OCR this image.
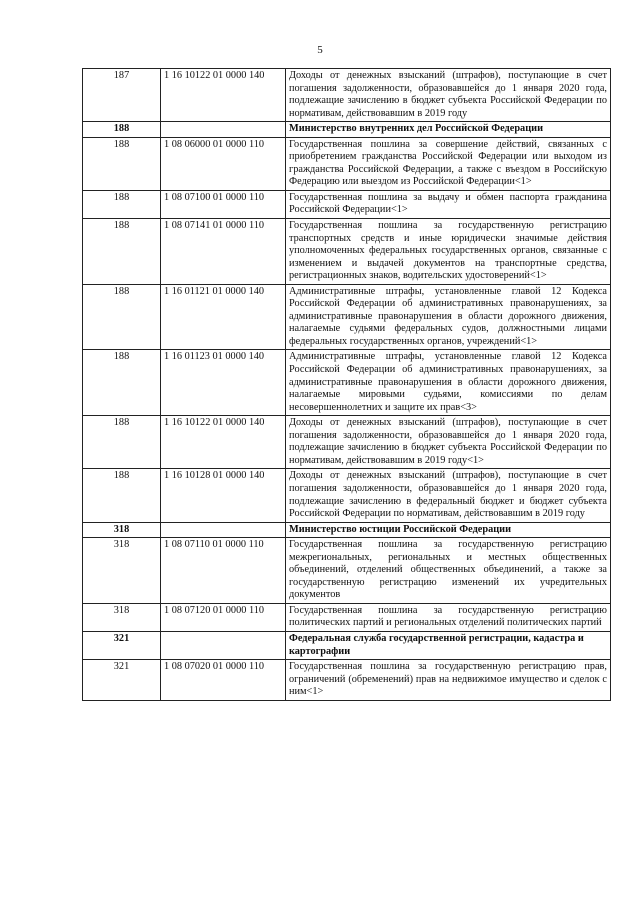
5
187	1 16 10122 01 0000 140	Доходы от денежных взысканий (штрафов), поступающие в счет погашения задолженности, образовавшейся до 1 января 2020 года, подлежащие зачислению в бюджет субъекта Российской Федерации по нормативам, действовавшим в 2019 году
188		Министерство внутренних дел Российской Федерации
188	1 08 06000 01 0000 110	Государственная пошлина за совершение действий, связанных с приобретением гражданства Российской Федерации или выходом из гражданства Российской Федерации, а также с въездом в Российскую Федерацию или выездом из Российской Федерации<1>
188	1 08 07100 01 0000 110	Государственная пошлина за выдачу и обмен паспорта гражданина Российской Федерации<1>
188	1 08 07141 01 0000 110	Государственная пошлина за государственную регистрацию транспортных средств и иные юридически значимые действия уполномоченных федеральных государственных органов, связанные с изменением и выдачей документов на транспортные средства, регистрационных знаков, водительских удостоверений<1>
188	1 16 01121 01 0000 140	Административные штрафы, установленные главой 12 Кодекса Российской Федерации об административных правонарушениях, за административные правонарушения в области дорожного движения, налагаемые судьями федеральных судов, должностными лицами федеральных государственных органов, учреждений<1>
188	1 16 01123 01 0000 140	Административные штрафы, установленные главой 12 Кодекса Российской Федерации об административных правонарушениях, за административные правонарушения в области дорожного движения, налагаемые мировыми судьями, комиссиями по делам несовершеннолетних и защите их прав<3>
188	1 16 10122 01 0000 140	Доходы от денежных взысканий (штрафов), поступающие в счет погашения задолженности, образовавшейся до 1 января 2020 года, подлежащие зачислению в бюджет субъекта Российской Федерации по нормативам, действовавшим в 2019 году<1>
188	1 16 10128 01 0000 140	Доходы от денежных взысканий (штрафов), поступающие в счет погашения задолженности, образовавшейся до 1 января 2020 года, подлежащие зачислению в федеральный бюджет и бюджет субъекта Российской Федерации по нормативам, действовавшим в 2019 году
318		Министерство юстиции Российской Федерации
318	1 08 07110 01 0000 110	Государственная пошлина за государственную регистрацию межрегиональных, региональных и местных общественных объединений, отделений общественных объединений, а также за государственную регистрацию изменений их учредительных документов
318	1 08 07120 01 0000 110	Государственная пошлина за государственную регистрацию политических партий и региональных отделений политических партий
321		Федеральная служба государственной регистрации, кадастра и картографии
321	1 08 07020 01 0000 110	Государственная пошлина за государственную регистрацию прав, ограничений (обременений) прав на недвижимое имущество и сделок с ним<1>
